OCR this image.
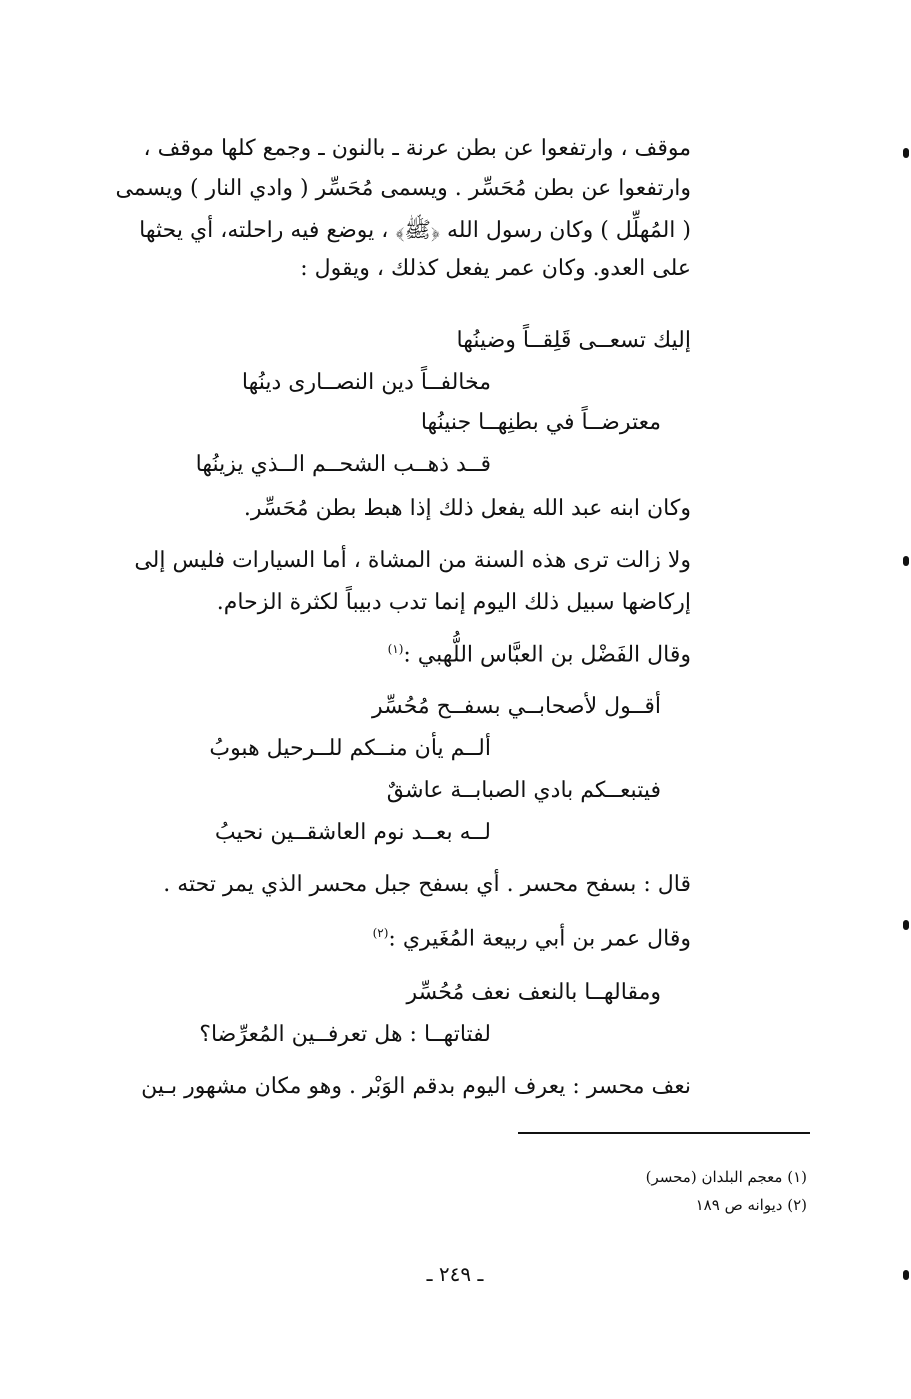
موقف ، وارتفعوا عن بطن عرنة ـ بالنون ـ وجمع كلها موقف ،
وارتفعوا عن بطن مُحَسِّر . ويسمى مُحَسِّر ( وادي النار ) ويسمى
( المُهلِّل ) وكان رسول الله ﴿ﷺ﴾ ، يوضع فيه راحلته، أي يحثها
على العدو. وكان عمر يفعل كذلك ، ويقول :
إليك تسعــى قَلِقــاً وضينُها
مخالفــاً دين النصــارى دينُها
معترضــاً في بطنِهــا جنينُها
قــد ذهــب الشحــم الــذي يزينُها
وكان ابنه عبد الله يفعل ذلك إذا هبط بطن مُحَسِّر.
ولا زالت ترى هذه السنة من المشاة ، أما السيارات فليس إلى
إركاضها سبيل ذلك اليوم إنما تدب دبيباً لكثرة الزحام.
وقال الفَضْل بن العبَّاس اللُّهبي :$^{(١)}$
أقــول لأصحابــي بسفــح مُحُسِّر
ألــم يأن منــكم للــرحيل هبوبُ
فيتبعــكم بادي الصبابــة عاشقٌ
لــه بعــد نوم العاشقــين نحيبُ
قال : بسفح محسر . أي بسفح جبل محسر الذي يمر تحته .
وقال عمر بن أبي ربيعة المُغَيري :$^{(٢)}$
ومقالهــا بالنعف نعف مُحُسِّر
لفتاتهــا : هل تعرفــين المُعرِّضا؟
نعف محسر : يعرف اليوم بدقم الوَبْر . وهو مكان مشهور بـين
(١) معجم البلدان (محسر)
(٢) ديوانه ص ١٨٩
ـ ٢٤٩ ـ
